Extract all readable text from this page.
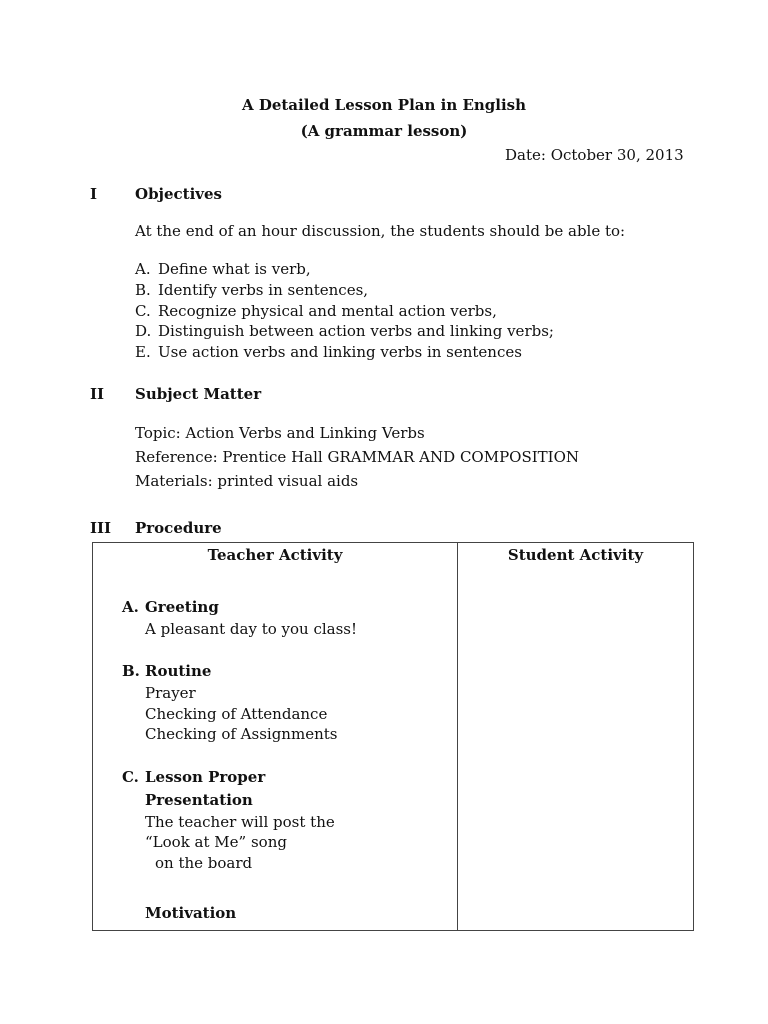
A Detailed Lesson Plan in English
(A grammar lesson)
Date: October 30, 2013
I	Objectives
At the end of an hour discussion, the students should be able to:
A. Define what is verb,
B. Identify verbs in sentences,
C. Recognize physical and mental action verbs,
D. Distinguish between action verbs and linking verbs;
E. Use action verbs and linking verbs in sentences
II Subject Matter
Topic: Action Verbs and Linking Verbs
Reference: Prentice Hall GRAMMAR AND COMPOSITION
Materials: printed visual aids
III Procedure
Teacher Activity	Student Activity
A. Greeting
A pleasant day to you class!
B. Routine
Prayer
Checking of Attendance
Checking of Assignments
C. Lesson Proper
Presentation
The teacher will post the
“Look at Me” song
on the board
Motivation
